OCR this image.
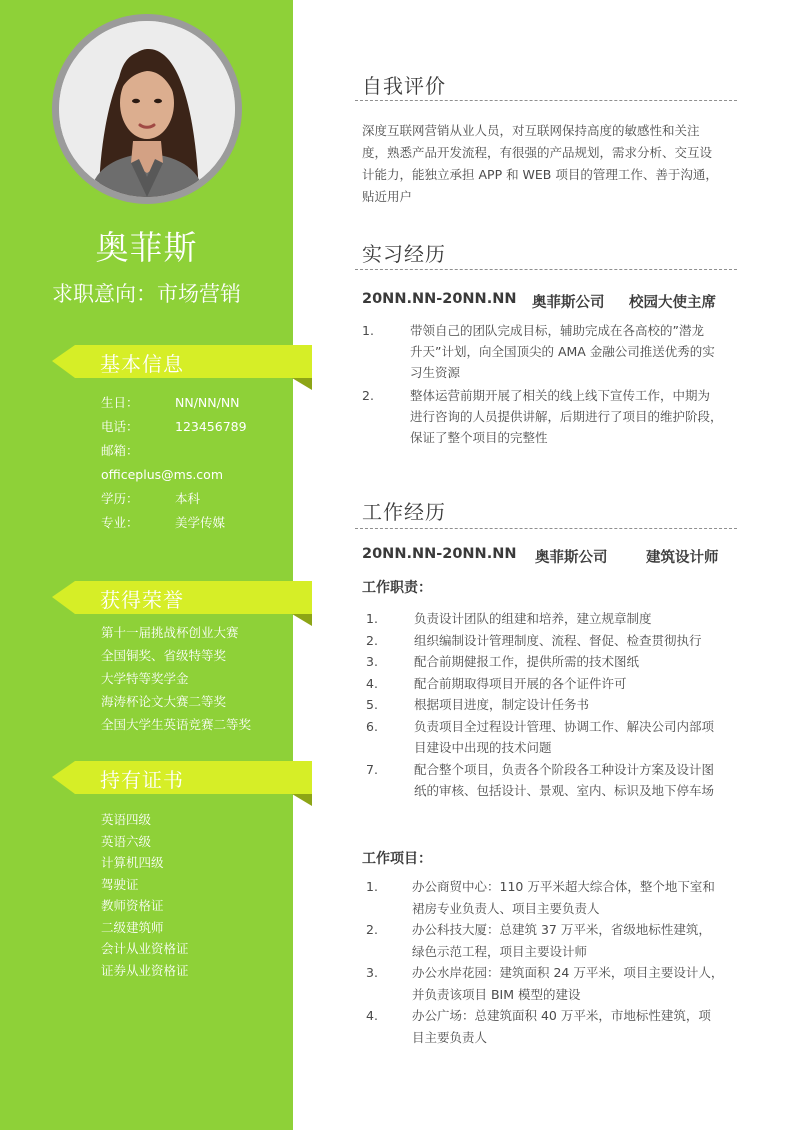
奥菲斯
求职意向：市场营销
基本信息
生日：	NN/NN/NN
电话：	123456789
邮箱：
officeplus@ms.com
学历：	本科
专业：	美学传媒
获得荣誉
第十一届挑战杯创业大赛
全国铜奖、省级特等奖
大学特等奖学金
海涛杯论文大赛二等奖
全国大学生英语竞赛二等奖
持有证书
英语四级
英语六级
计算机四级
驾驶证
教师资格证
二级建筑师
会计从业资格证
证券从业资格证
自我评价
深度互联网营销从业人员，对互联网保持高度的敏感性和关注
度，熟悉产品开发流程，有很强的产品规划，需求分析、交互设
计能力，能独立承担 APP 和 WEB 项目的管理工作、善于沟通，
贴近用户
实习经历
20NN.NN-20NN.NN 奥菲斯公司 校园大使主席
1.	带领自己的团队完成目标，辅助完成在各高校的”潜龙
升天”计划，向全国顶尖的 AMA 金融公司推送优秀的实
习生资源
2.	整体运营前期开展了相关的线上线下宣传工作，中期为
进行咨询的人员提供讲解，后期进行了项目的维护阶段，
保证了整个项目的完整性
工作经历
20NN.NN-20NN.NN 奥菲斯公司	建筑设计师
工作职责：
1.	负责设计团队的组建和培养，建立规章制度
2.	组织编制设计管理制度、流程、督促、检查贯彻执行
3.	配合前期健报工作，提供所需的技术图纸
4.	配合前期取得项目开展的各个证件许可
5.	根据项目进度，制定设计任务书
6.	负责项目全过程设计管理、协调工作、解决公司内部项
目建设中出现的技术问题
7.	配合整个项目，负责各个阶段各工种设计方案及设计图
纸的审核、包括设计、景观、室内、标识及地下停车场
工作项目：
1.	办公商贸中心：110 万平米超大综合体，整个地下室和
裙房专业负责人、项目主要负责人
2.	办公科技大厦：总建筑 37 万平米，省级地标性建筑，
绿色示范工程，项目主要设计师
3.	办公水岸花园：建筑面积 24 万平米，项目主要设计人，
并负责该项目 BIM 模型的建设
4.	办公广场：总建筑面积 40 万平米，市地标性建筑，项
目主要负责人
